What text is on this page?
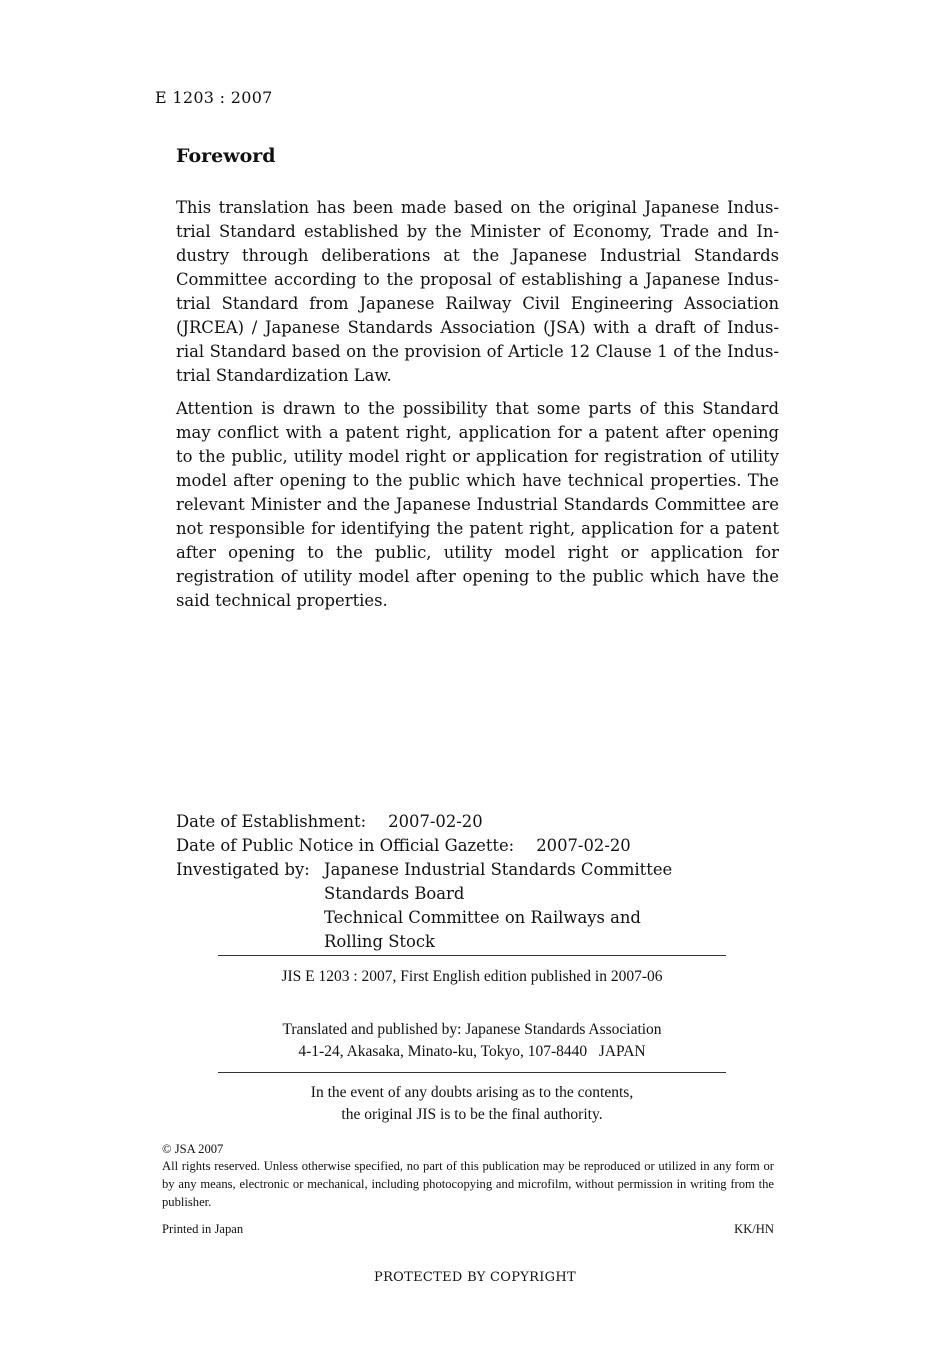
E 1203 : 2007
Foreword
This translation has been made based on the original Japanese Indus-trial Standard established by the Minister of Economy, Trade and In-dustry through deliberations at the Japanese Industrial Standards Committee according to the proposal of establishing a Japanese Indus-trial Standard from Japanese Railway Civil Engineering Association (JRCEA) / Japanese Standards Association (JSA) with a draft of Indus-rial Standard based on the provision of Article 12 Clause 1 of the Indus-trial Standardization Law.
Attention is drawn to the possibility that some parts of this Standard may conflict with a patent right, application for a patent after opening to the public, utility model right or application for registration of utility model after opening to the public which have technical properties. The relevant Minister and the Japanese Industrial Standards Committee are not responsible for identifying the patent right, application for a patent after opening to the public, utility model right or application for registration of utility model after opening to the public which have the said technical properties.
Date of Establishment: 2007-02-20
Date of Public Notice in Official Gazette: 2007-02-20
Investigated by: Japanese Industrial Standards Committee
Standards Board
Technical Committee on Railways and
Rolling Stock
JIS E 1203 : 2007, First English edition published in 2007-06
Translated and published by: Japanese Standards Association
4-1-24, Akasaka, Minato-ku, Tokyo, 107-8440   JAPAN
In the event of any doubts arising as to the contents,
the original JIS is to be the final authority.
© JSA 2007
All rights reserved. Unless otherwise specified, no part of this publication may be reproduced or utilized in any form or by any means, electronic or mechanical, including photocopying and microfilm, without permission in writing from the publisher.
Printed in Japan	KK/HN
PROTECTED BY COPYRIGHT
